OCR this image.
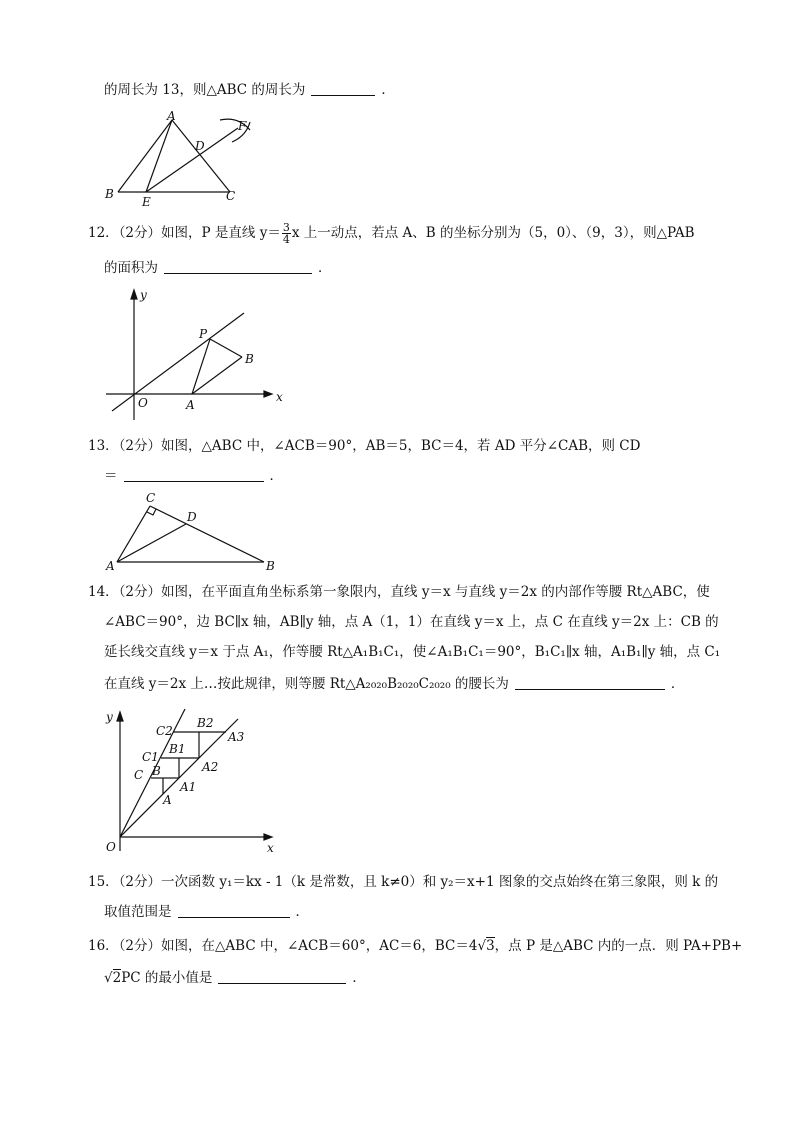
的周长为 13，则△ABC 的周长为	．
A
B	C
D
E
F
12．（2分）如图，P 是直线 $y= \frac{3}{4}$ x 上一动点，若点 A、B 的坐标分别为（5，0）、（9，3），则△PAB
的面积为	．
y
x
O	A
B
P
13．（2分）如图，△ABC 中，∠ACB＝90°，AB＝5，BC＝4，若 AD 平分∠CAB，则 CD
＝	．
C
A	B
D
14．（2分）如图，在平面直角坐标系第一象限内，直线 y＝x 与直线 y＝2x 的内部作等腰 Rt△ABC，使
∠ABC＝90°，边 BC∥x 轴，AB∥y 轴，点 A（1，1）在直线 y＝x 上，点 C 在直线 y＝2x 上：CB 的
延长线交直线 y＝x 于点 A₁，作等腰 Rt△A₁B₁C₁，使∠A₁B₁C₁＝90°，B₁C₁∥x 轴，A₁B₁∥y 轴，点 C₁
在直线 y＝2x 上…按此规律，则等腰 Rt△A₂₀₂₀B₂₀₂₀C₂₀₂₀ 的腰长为	．
y
x
O
A
B
C
A1
B1
C1
A2
B2
C2	A3
15．（2分）一次函数 y₁＝kx - 1（k 是常数，且 k≠0）和 y₂＝x+1 图象的交点始终在第三象限，则 k 的
取值范围是	．
16．（2分）如图，在△ABC 中，∠ACB＝60°，AC＝6，BC＝4√3，点 P 是△ABC 内的一点．则 PA+PB+
√2PC 的最小值是	．
